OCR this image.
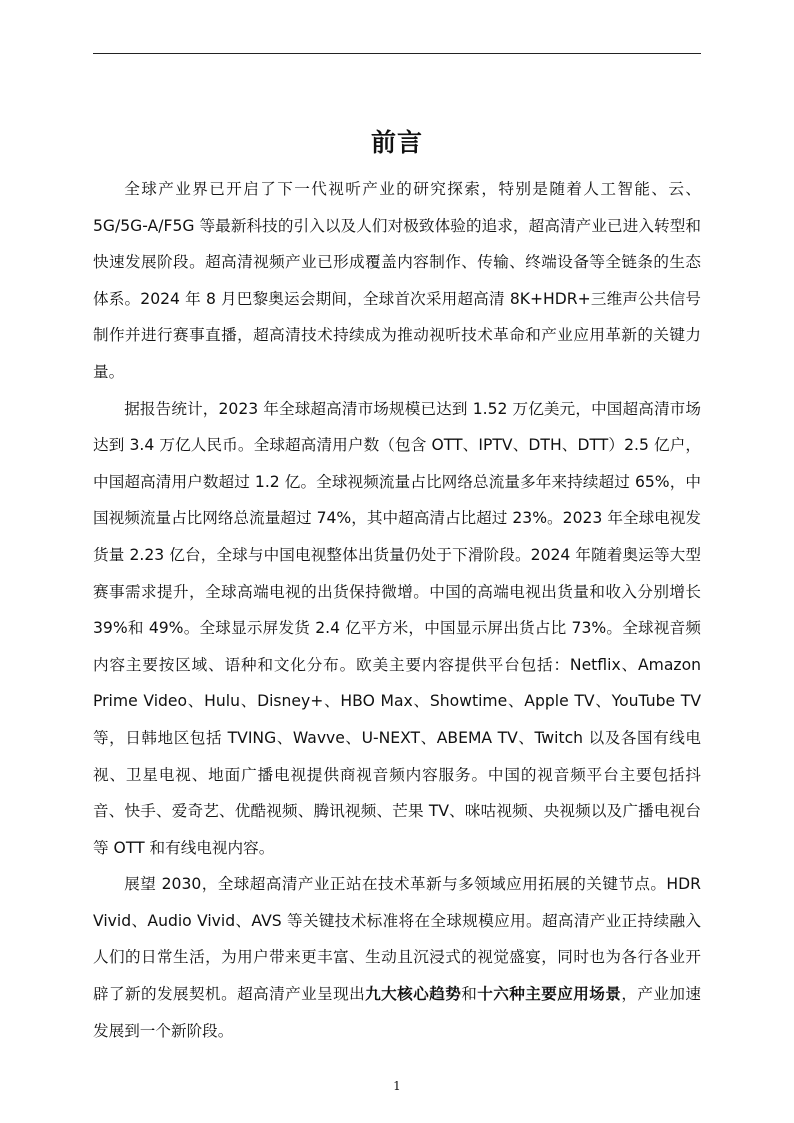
前言

全球产业界已开启了下一代视听产业的研究探索，特别是随着人工智能、云、5G/5G-A/F5G 等最新科技的引入以及人们对极致体验的追求，超高清产业已进入转型和快速发展阶段。超高清视频产业已形成覆盖内容制作、传输、终端设备等全链条的生态体系。2024 年 8 月巴黎奥运会期间，全球首次采用超高清 8K+HDR+三维声公共信号制作并进行赛事直播，超高清技术持续成为推动视听技术革命和产业应用革新的关键力量。

据报告统计，2023 年全球超高清市场规模已达到 1.52 万亿美元，中国超高清市场达到 3.4 万亿人民币。全球超高清用户数（包含 OTT、IPTV、DTH、DTT）2.5 亿户，中国超高清用户数超过 1.2 亿。全球视频流量占比网络总流量多年来持续超过 65%，中国视频流量占比网络总流量超过 74%，其中超高清占比超过 23%。2023 年全球电视发货量 2.23 亿台，全球与中国电视整体出货量仍处于下滑阶段。2024 年随着奥运等大型赛事需求提升，全球高端电视的出货保持微增。中国的高端电视出货量和收入分别增长 39%和 49%。全球显示屏发货 2.4 亿平方米，中国显示屏出货占比 73%。全球视音频内容主要按区域、语种和文化分布。欧美主要内容提供平台包括：Netflix、Amazon Prime Video、Hulu、Disney+、HBO Max、Showtime、Apple TV、YouTube TV 等，日韩地区包括 TVING、Wavve、U-NEXT、ABEMA TV、Twitch 以及各国有线电视、卫星电视、地面广播电视提供商视音频内容服务。中国的视音频平台主要包括抖音、快手、爱奇艺、优酷视频、腾讯视频、芒果 TV、咪咕视频、央视频以及广播电视台等 OTT 和有线电视内容。

展望 2030，全球超高清产业正站在技术革新与多领域应用拓展的关键节点。HDR Vivid、Audio Vivid、AVS 等关键技术标准将在全球规模应用。超高清产业正持续融入人们的日常生活，为用户带来更丰富、生动且沉浸式的视觉盛宴，同时也为各行各业开辟了新的发展契机。超高清产业呈现出九大核心趋势和十六种主要应用场景，产业加速发展到一个新阶段。

1
